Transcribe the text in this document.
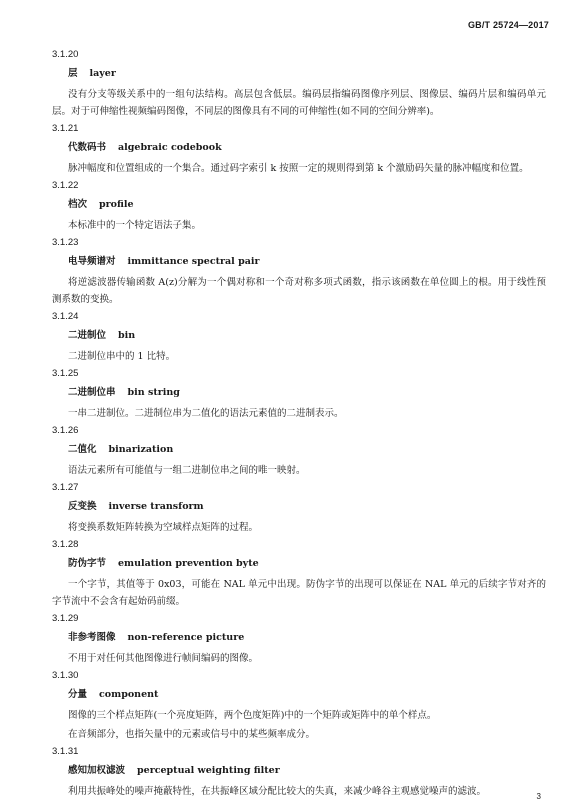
GB/T 25724—2017
3.1.20
层 layer
没有分支等级关系中的一组句法结构。高层包含低层。编码层指编码图像序列层、图像层、编码片层和编码单元层。对于可伸缩性视频编码图像，不同层的图像具有不同的可伸缩性(如不同的空间分辨率)。
3.1.21
代数码书 algebraic codebook
脉冲幅度和位置组成的一个集合。通过码字索引 k 按照一定的规则得到第 k 个激励码矢量的脉冲幅度和位置。
3.1.22
档次 profile
本标准中的一个特定语法子集。
3.1.23
电导频谱对 immittance spectral pair
将逆滤波器传输函数 A(z)分解为一个偶对称和一个奇对称多项式函数，指示该函数在单位圆上的根。用于线性预测系数的变换。
3.1.24
二进制位 bin
二进制位串中的 1 比特。
3.1.25
二进制位串 bin string
一串二进制位。二进制位串为二值化的语法元素值的二进制表示。
3.1.26
二值化 binarization
语法元素所有可能值与一组二进制位串之间的唯一映射。
3.1.27
反变换 inverse transform
将变换系数矩阵转换为空域样点矩阵的过程。
3.1.28
防伪字节 emulation prevention byte
一个字节，其值等于 0x03，可能在 NAL 单元中出现。防伪字节的出现可以保证在 NAL 单元的后续字节对齐的字节流中不会含有起始码前缀。
3.1.29
非参考图像 non-reference picture
不用于对任何其他图像进行帧间编码的图像。
3.1.30
分量 component
图像的三个样点矩阵(一个亮度矩阵，两个色度矩阵)中的一个矩阵或矩阵中的单个样点。
在音频部分，也指矢量中的元素或信号中的某些频率成分。
3.1.31
感知加权滤波 perceptual weighting filter
利用共振峰处的噪声掩蔽特性，在共振峰区域分配比较大的失真，来减少峰谷主观感觉噪声的滤波。	3
